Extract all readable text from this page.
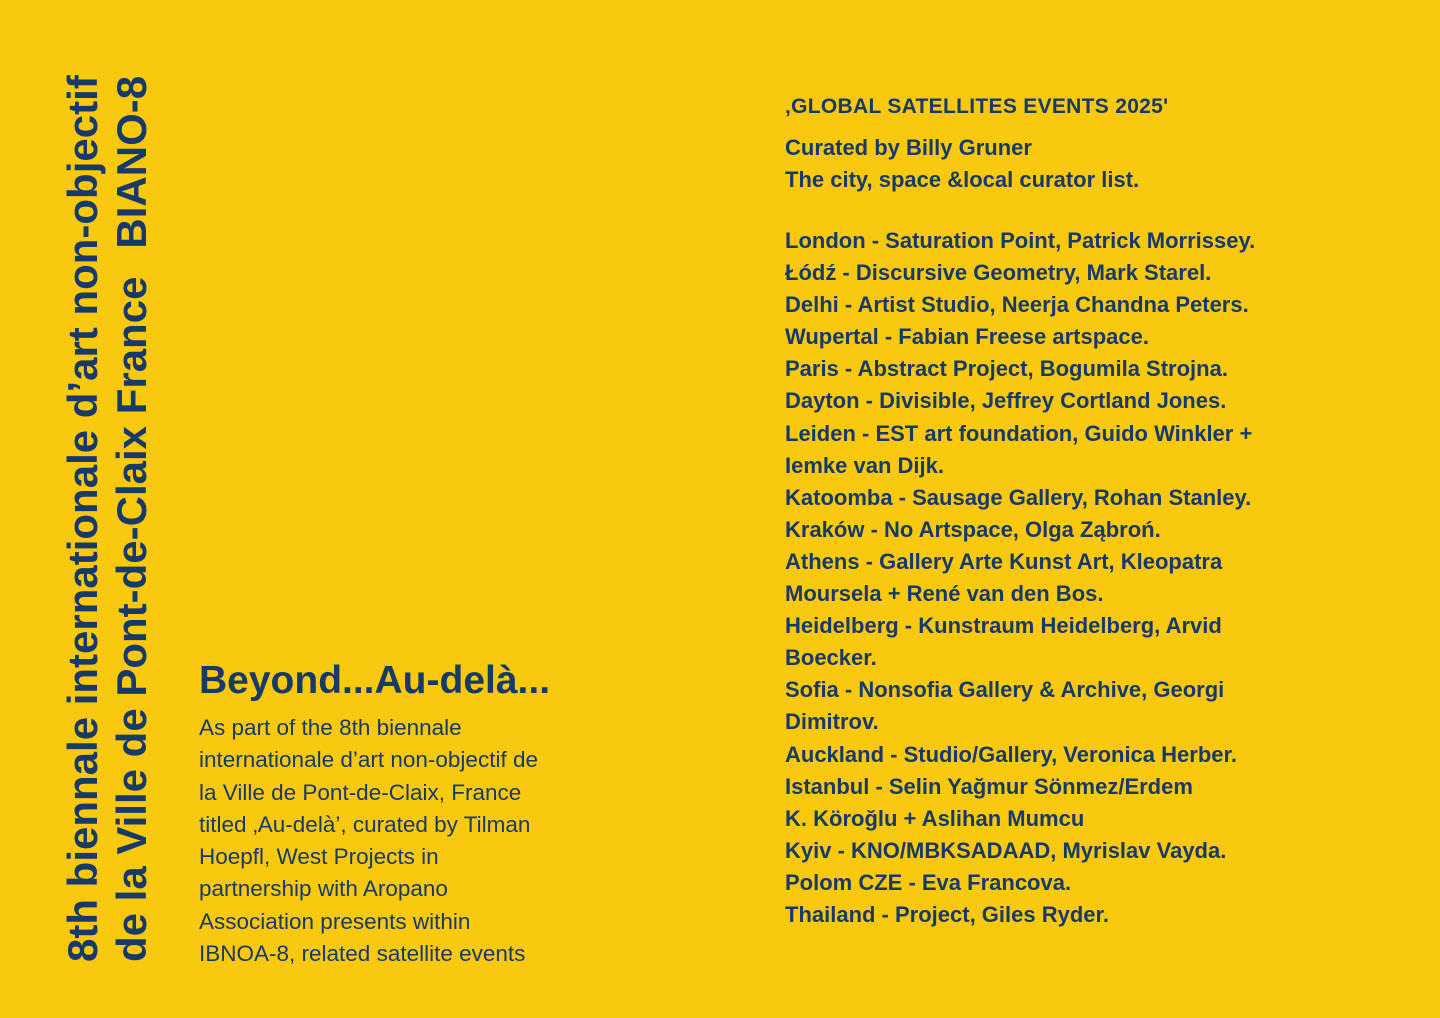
8th biennale internationale d’art non-objectif de la Ville de Pont-de-Claix FranceBIANO-8
Beyond...Au-delà...

As part of the 8th biennale
internationale d’art non-objectif de
la Ville de Pont-de-Claix, France
titled ‚Au-delà’, curated by Tilman
Hoepfl, West Projects in
partnership with Aropano
Association presents within
IBNOA-8, related satellite events

‚GLOBAL SATELLITES EVENTS 2025'
Curated by Billy Gruner
The city, space &local curator list.
London - Saturation Point, Patrick Morrissey.
Łódź - Discursive Geometry, Mark Starel.
Delhi - Artist Studio, Neerja Chandna Peters.
Wupertal - Fabian Freese artspace.
Paris - Abstract Project, Bogumila Strojna.
Dayton - Divisible, Jeffrey Cortland Jones.
Leiden - EST art foundation, Guido Winkler +
Iemke van Dijk.
Katoomba - Sausage Gallery, Rohan Stanley.
Kraków - No Artspace, Olga Ząbroń.
Athens - Gallery Arte Kunst Art, Kleopatra
Moursela + René van den Bos.
Heidelberg - Kunstraum Heidelberg, Arvid
Boecker.
Sofia - Nonsofia Gallery & Archive, Georgi
Dimitrov.
Auckland - Studio/Gallery, Veronica Herber.
Istanbul - Selin Yağmur Sönmez/Erdem
K. Köroğlu + Aslihan Mumcu
Kyiv - KNO/MBKSADAAD, Myrislav Vayda.
Polom CZE - Eva Francova.
Thailand - Project, Giles Ryder.
